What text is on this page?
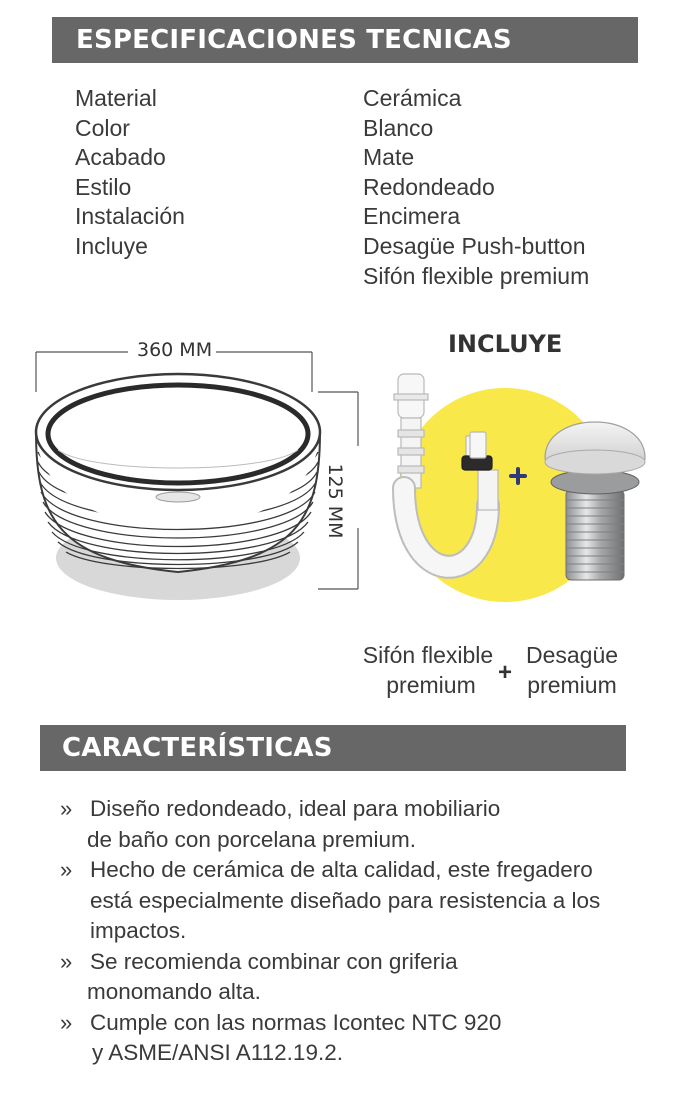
ESPECIFICACIONES TECNICAS
Material	Cerámica
Color	Blanco
Acabado	Mate
Estilo	Redondeado
Instalación	Encimera
Incluye	Desagüe Push-button
Sifón flexible premium
360 MM
125 MM
INCLUYE
Sifón flexible
premium +
Desagüe
premium
CARACTERÍSTICAS
» Diseño redondeado, ideal para mobiliario
de baño con porcelana premium.
» Hecho de cerámica de alta calidad, este fregadero
está especialmente diseñado para resistencia a los
impactos.
» Se recomienda combinar con griferia
monomando alta.
» Cumple con las normas Icontec NTC 920
y ASME/ANSI A112.19.2.
